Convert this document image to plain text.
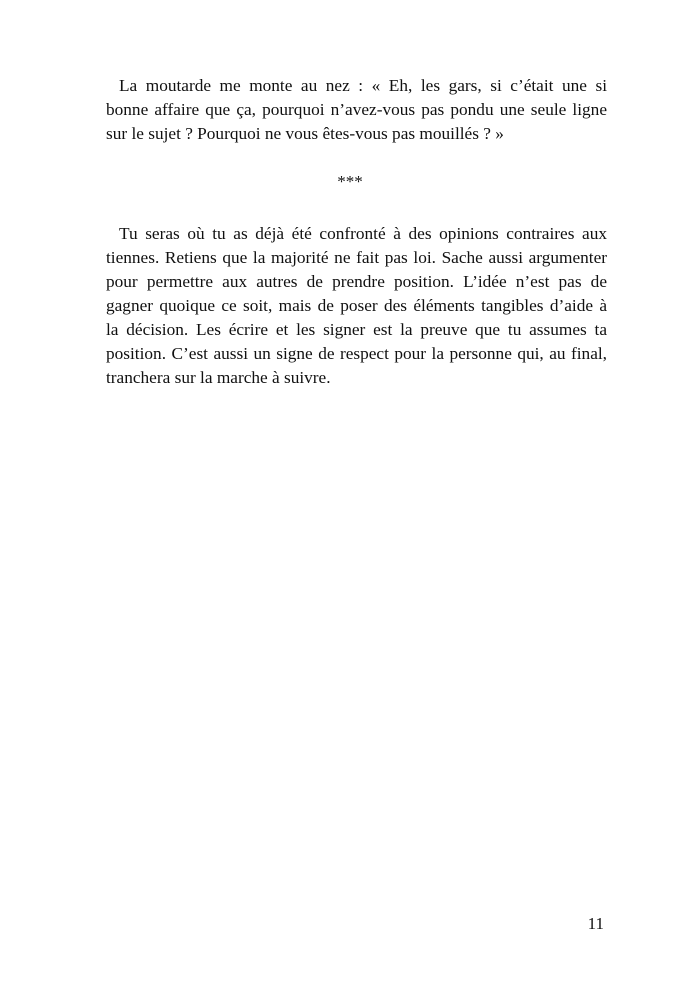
La moutarde me monte au nez : « Eh, les gars, si c’était une si
bonne affaire que ça, pourquoi n’avez-vous pas pondu une seule ligne
sur le sujet ? Pourquoi ne vous êtes-vous pas mouillés ? »
***
Tu seras où tu as déjà été confronté à des opinions contraires aux
tiennes. Retiens que la majorité ne fait pas loi. Sache aussi argumenter
pour permettre aux autres de prendre position. L’idée n’est pas de
gagner quoique ce soit, mais de poser des éléments tangibles d’aide à
la décision. Les écrire et les signer est la preuve que tu assumes ta
position. C’est aussi un signe de respect pour la personne qui, au final,
tranchera sur la marche à suivre.
11
